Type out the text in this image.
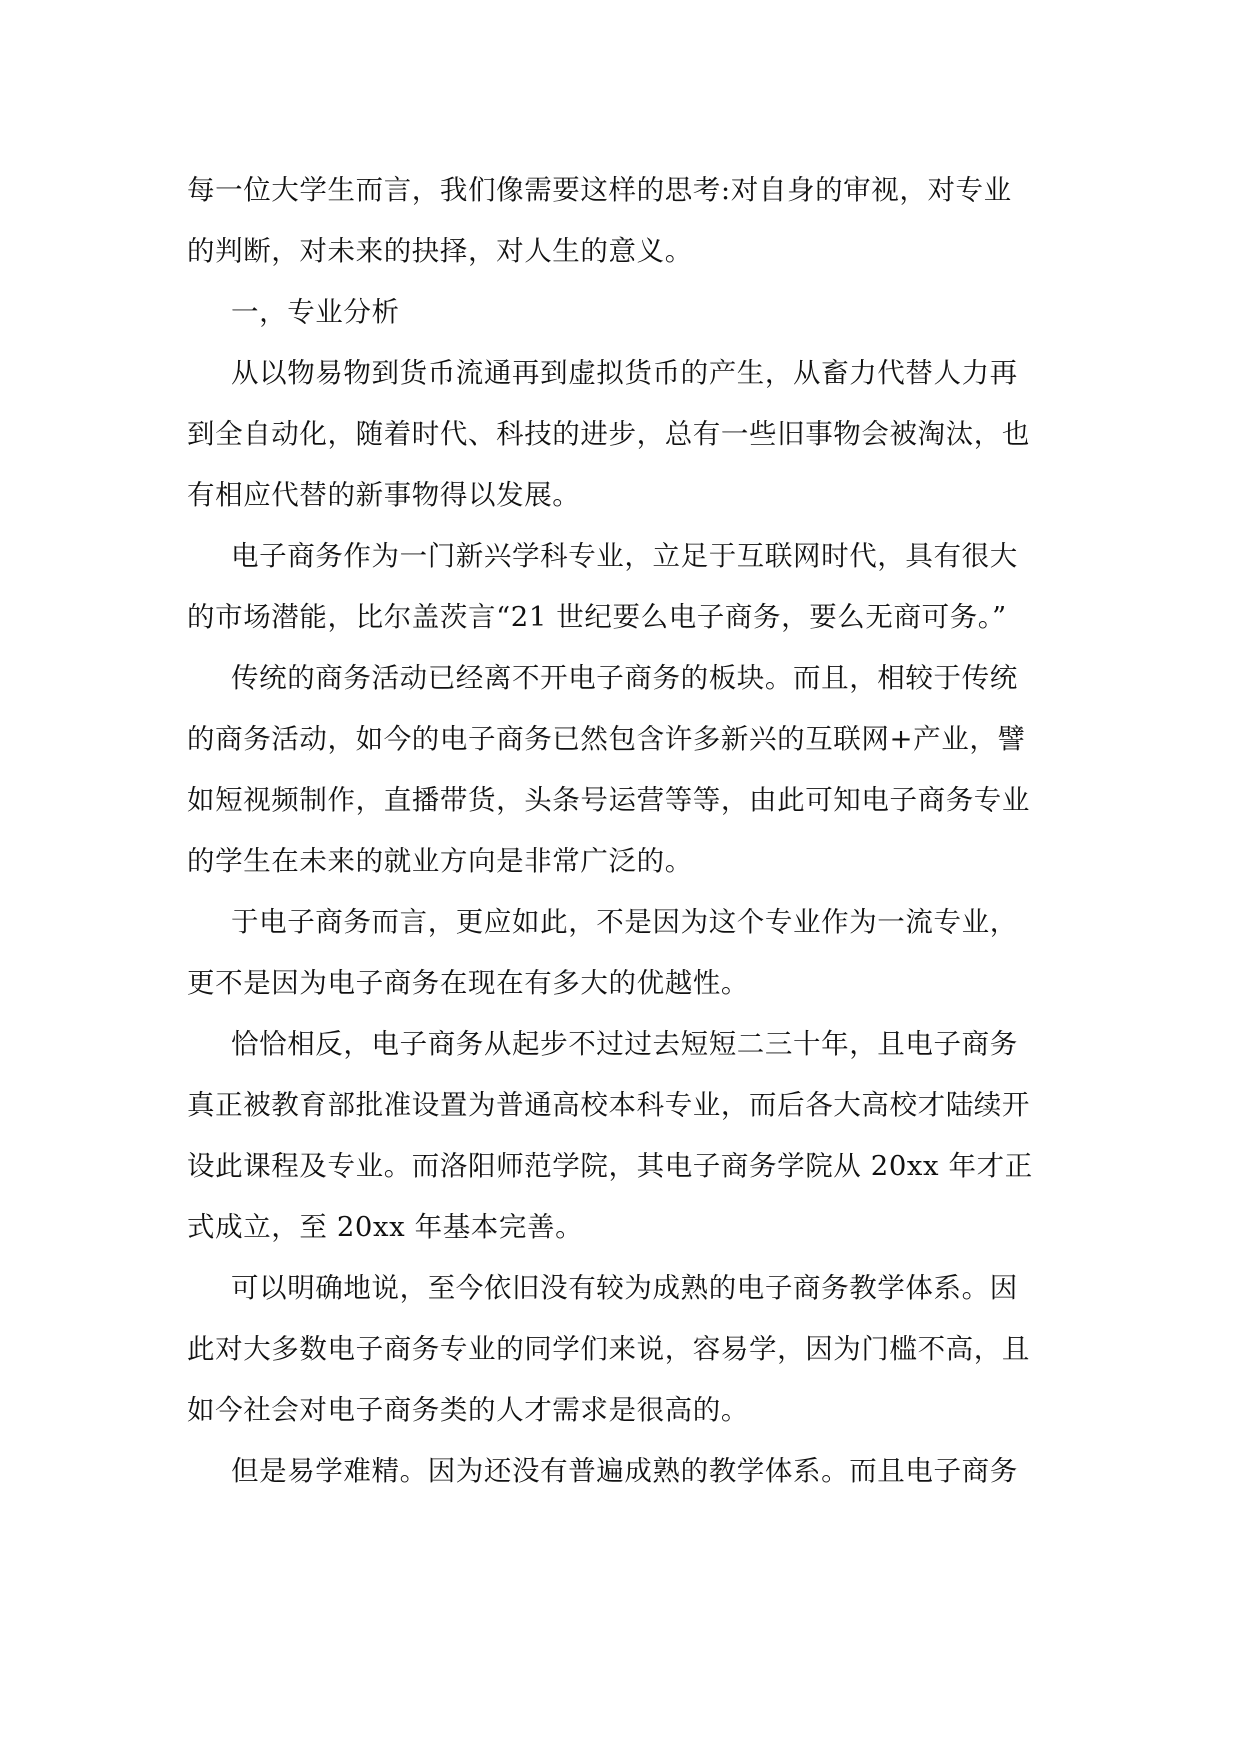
每一位大学生而言，我们像需要这样的思考:对自身的审视，对专业
的判断，对未来的抉择，对人生的意义。
一，专业分析
从以物易物到货币流通再到虚拟货币的产生，从畜力代替人力再
到全自动化，随着时代、科技的进步，总有一些旧事物会被淘汰，也
有相应代替的新事物得以发展。
电子商务作为一门新兴学科专业，立足于互联网时代，具有很大
的市场潜能，比尔盖茨言“21 世纪要么电子商务，要么无商可务。”
传统的商务活动已经离不开电子商务的板块。而且，相较于传统
的商务活动，如今的电子商务已然包含许多新兴的互联网+产业，譬
如短视频制作，直播带货，头条号运营等等，由此可知电子商务专业
的学生在未来的就业方向是非常广泛的。
于电子商务而言，更应如此，不是因为这个专业作为一流专业，
更不是因为电子商务在现在有多大的优越性。
恰恰相反，电子商务从起步不过过去短短二三十年，且电子商务
真正被教育部批准设置为普通高校本科专业，而后各大高校才陆续开
设此课程及专业。而洛阳师范学院，其电子商务学院从 20xx 年才正
式成立，至 20xx 年基本完善。
可以明确地说，至今依旧没有较为成熟的电子商务教学体系。因
此对大多数电子商务专业的同学们来说，容易学，因为门槛不高，且
如今社会对电子商务类的人才需求是很高的。
但是易学难精。因为还没有普遍成熟的教学体系。而且电子商务
